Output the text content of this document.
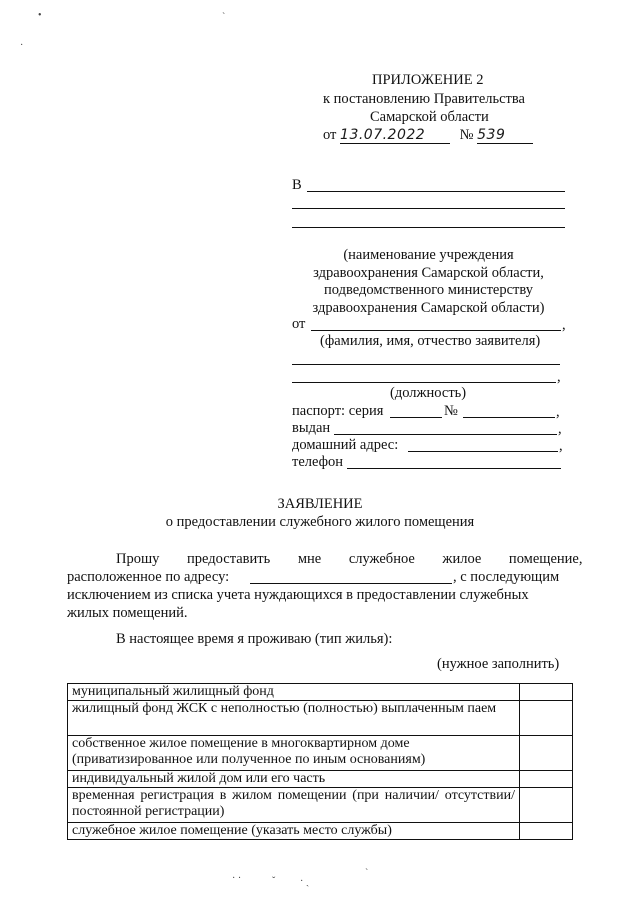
•
·
`
ПРИЛОЖЕНИЕ 2
к постановлению Правительства
Самарской области
от 13.07.2022 № 539
В
(наименование учреждения
здравоохранения Самарской области,
подведомственного министерству
здравоохранения Самарской области)
от	,
(фамилия, имя, отчество заявителя)
,
(должность)
паспорт: серия	№	,
выдан	,
домашний адрес:	,
телефон
ЗАЯВЛЕНИЕ
о предоставлении служебного жилого помещения
Прошу предоставить мне служебное жилое помещение,
расположенное по адресу:	, с последующим
исключением из списка учета нуждающихся в предоставлении служебных
жилых помещений.
В настоящее время я проживаю (тип жилья):
(нужное заполнить)
муниципальный жилищный фонд	
жилищный фонд ЖСК с неполностью (полностью) выплаченным пaем	
собственное жилое помещение в многоквартирном доме (приватизированное или полученное по иным основаниям)	
индивидуальный жилой дом или его часть	
временная регистрация в жилом помещении (при наличии/ отсутствии/постоянной регистрации)	
служебное жилое помещение (указать место службы)	
· ·	ˇ · ˎ
ˋ
